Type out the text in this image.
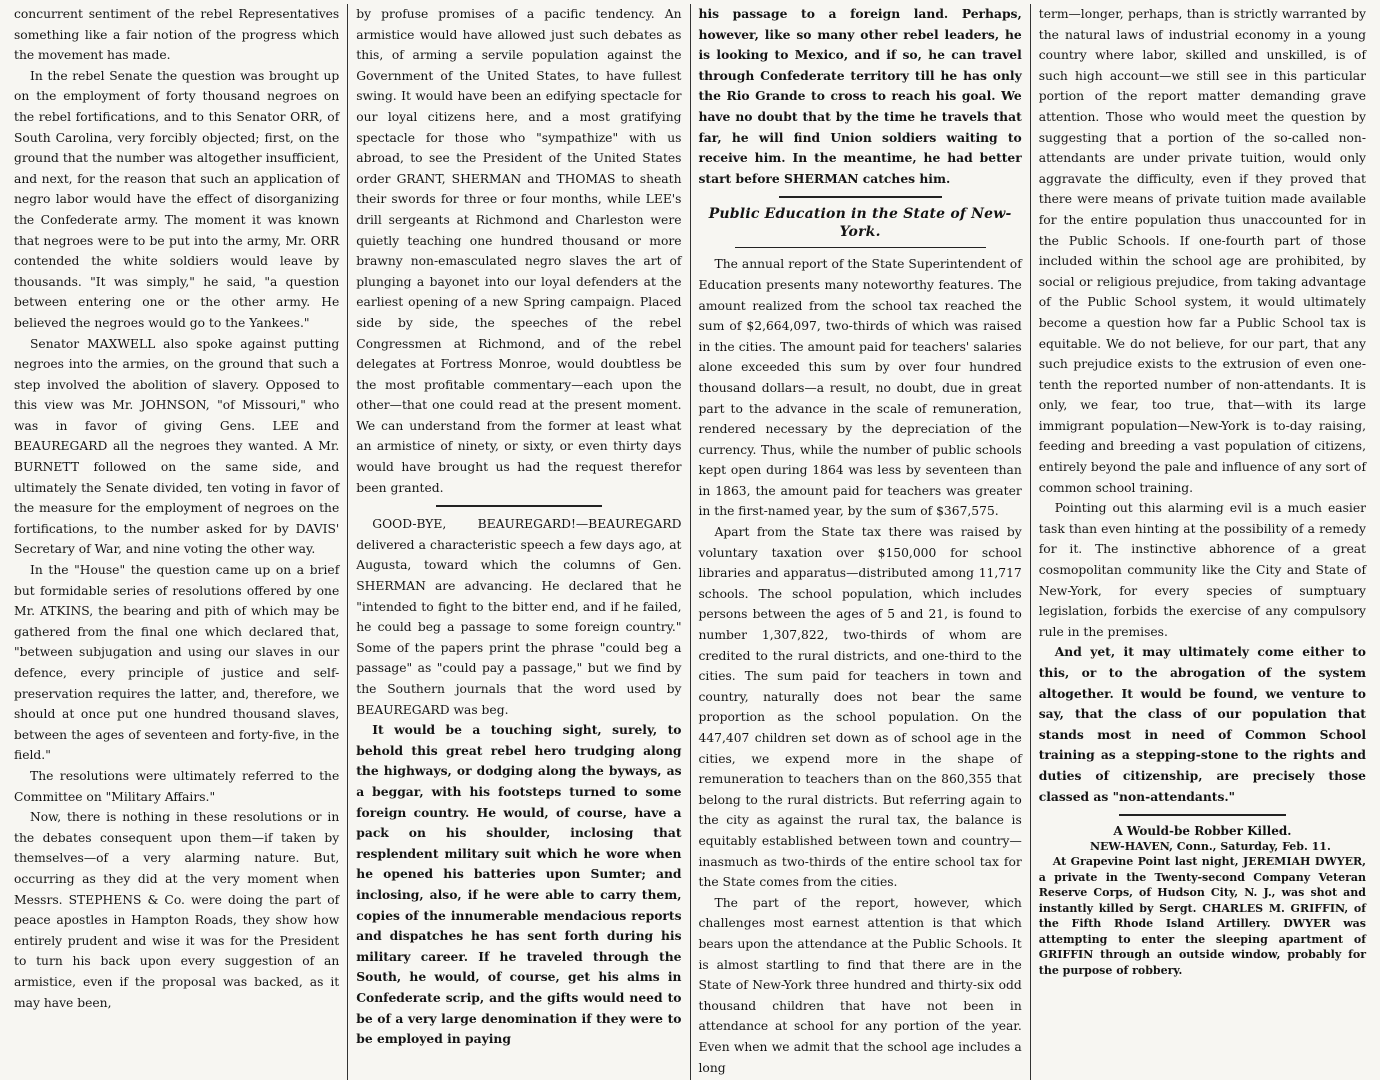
concurrent sentiment of the rebel Representatives something like a fair notion of the progress which the movement has made.

In the rebel Senate the question was brought up on the employment of forty thousand negroes on the rebel fortifications, and to this Senator ORR, of South Carolina, very forcibly objected; first, on the ground that the number was altogether insufficient, and next, for the reason that such an application of negro labor would have the effect of disorganizing the Confederate army. The moment it was known that negroes were to be put into the army, Mr. ORR contended the white soldiers would leave by thousands. "It was simply," he said, "a question between entering one or the other army. He believed the negroes would go to the Yankees."

Senator MAXWELL also spoke against putting negroes into the armies, on the ground that such a step involved the abolition of slavery. Opposed to this view was Mr. JOHNSON, "of Missouri," who was in favor of giving Gens. LEE and BEAUREGARD all the negroes they wanted. A Mr. BURNETT followed on the same side, and ultimately the Senate divided, ten voting in favor of the measure for the employment of negroes on the fortifications, to the number asked for by DAVIS' Secretary of War, and nine voting the other way.

In the "House" the question came up on a brief but formidable series of resolutions offered by one Mr. ATKINS, the bearing and pith of which may be gathered from the final one which declared that, "between subjugation and using our slaves in our defence, every principle of justice and self-preservation requires the latter, and, therefore, we should at once put one hundred thousand slaves, between the ages of seventeen and forty-five, in the field."

The resolutions were ultimately referred to the Committee on "Military Affairs."

Now, there is nothing in these resolutions or in the debates consequent upon them—if taken by themselves—of a very alarming nature. But, occurring as they did at the very moment when Messrs. STEPHENS & Co. were doing the part of peace apostles in Hampton Roads, they show how entirely prudent and wise it was for the President to turn his back upon every suggestion of an armistice, even if the proposal was backed, as it may have been,

by profuse promises of a pacific tendency. An armistice would have allowed just such debates as this, of arming a servile population against the Government of the United States, to have fullest swing. It would have been an edifying spectacle for our loyal citizens here, and a most gratifying spectacle for those who "sympathize" with us abroad, to see the President of the United States order GRANT, SHERMAN and THOMAS to sheath their swords for three or four months, while LEE's drill sergeants at Richmond and Charleston were quietly teaching one hundred thousand or more brawny non-emasculated negro slaves the art of plunging a bayonet into our loyal defenders at the earliest opening of a new Spring campaign. Placed side by side, the speeches of the rebel Congressmen at Richmond, and of the rebel delegates at Fortress Monroe, would doubtless be the most profitable commentary—each upon the other—that one could read at the present moment. We can understand from the former at least what an armistice of ninety, or sixty, or even thirty days would have brought us had the request therefor been granted.

GOOD-BYE, BEAUREGARD!—BEAUREGARD delivered a characteristic speech a few days ago, at Augusta, toward which the columns of Gen. SHERMAN are advancing. He declared that he "intended to fight to the bitter end, and if he failed, he could beg a passage to some foreign country." Some of the papers print the phrase "could beg a passage" as "could pay a passage," but we find by the Southern journals that the word used by BEAUREGARD was beg.

It would be a touching sight, surely, to behold this great rebel hero trudging along the highways, or dodging along the byways, as a beggar, with his footsteps turned to some foreign country. He would, of course, have a pack on his shoulder, inclosing that resplendent military suit which he wore when he opened his batteries upon Sumter; and inclosing, also, if he were able to carry them, copies of the innumerable mendacious reports and dispatches he has sent forth during his military career. If he traveled through the South, he would, of course, get his alms in Confederate scrip, and the gifts would need to be of a very large denomination if they were to be employed in paying

his passage to a foreign land. Perhaps, however, like so many other rebel leaders, he is looking to Mexico, and if so, he can travel through Confederate territory till he has only the Rio Grande to cross to reach his goal. We have no doubt that by the time he travels that far, he will find Union soldiers waiting to receive him. In the meantime, he had better start before SHERMAN catches him.

Public Education in the State of New-York.

The annual report of the State Superintendent of Education presents many noteworthy features. The amount realized from the school tax reached the sum of $2,664,097, two-thirds of which was raised in the cities. The amount paid for teachers' salaries alone exceeded this sum by over four hundred thousand dollars—a result, no doubt, due in great part to the advance in the scale of remuneration, rendered necessary by the depreciation of the currency. Thus, while the number of public schools kept open during 1864 was less by seventeen than in 1863, the amount paid for teachers was greater in the first-named year, by the sum of $367,575.

Apart from the State tax there was raised by voluntary taxation over $150,000 for school libraries and apparatus—distributed among 11,717 schools. The school population, which includes persons between the ages of 5 and 21, is found to number 1,307,822, two-thirds of whom are credited to the rural districts, and one-third to the cities. The sum paid for teachers in town and country, naturally does not bear the same proportion as the school population. On the 447,407 children set down as of school age in the cities, we expend more in the shape of remuneration to teachers than on the 860,355 that belong to the rural districts. But referring again to the city as against the rural tax, the balance is equitably established between town and country—inasmuch as two-thirds of the entire school tax for the State comes from the cities.

The part of the report, however, which challenges most earnest attention is that which bears upon the attendance at the Public Schools. It is almost startling to find that there are in the State of New-York three hundred and thirty-six odd thousand children that have not been in attendance at school for any portion of the year. Even when we admit that the school age includes a long

term—longer, perhaps, than is strictly warranted by the natural laws of industrial economy in a young country where labor, skilled and unskilled, is of such high account—we still see in this particular portion of the report matter demanding grave attention. Those who would meet the question by suggesting that a portion of the so-called non-attendants are under private tuition, would only aggravate the difficulty, even if they proved that there were means of private tuition made available for the entire population thus unaccounted for in the Public Schools. If one-fourth part of those included within the school age are prohibited, by social or religious prejudice, from taking advantage of the Public School system, it would ultimately become a question how far a Public School tax is equitable. We do not believe, for our part, that any such prejudice exists to the extrusion of even one-tenth the reported number of non-attendants. It is only, we fear, too true, that—with its large immigrant population—New-York is to-day raising, feeding and breeding a vast population of citizens, entirely beyond the pale and influence of any sort of common school training.

Pointing out this alarming evil is a much easier task than even hinting at the possibility of a remedy for it. The instinctive abhorence of a great cosmopolitan community like the City and State of New-York, for every species of sumptuary legislation, forbids the exercise of any compulsory rule in the premises.

And yet, it may ultimately come either to this, or to the abrogation of the system altogether. It would be found, we venture to say, that the class of our population that stands most in need of Common School training as a stepping-stone to the rights and duties of citizenship, are precisely those classed as "non-attendants."

A Would-be Robber Killed.

NEW-HAVEN, Conn., Saturday, Feb. 11.

At Grapevine Point last night, JEREMIAH DWYER, a private in the Twenty-second Company Veteran Reserve Corps, of Hudson City, N. J., was shot and instantly killed by Sergt. CHARLES M. GRIFFIN, of the Fifth Rhode Island Artillery. DWYER was attempting to enter the sleeping apartment of GRIFFIN through an outside window, probably for the purpose of robbery.
